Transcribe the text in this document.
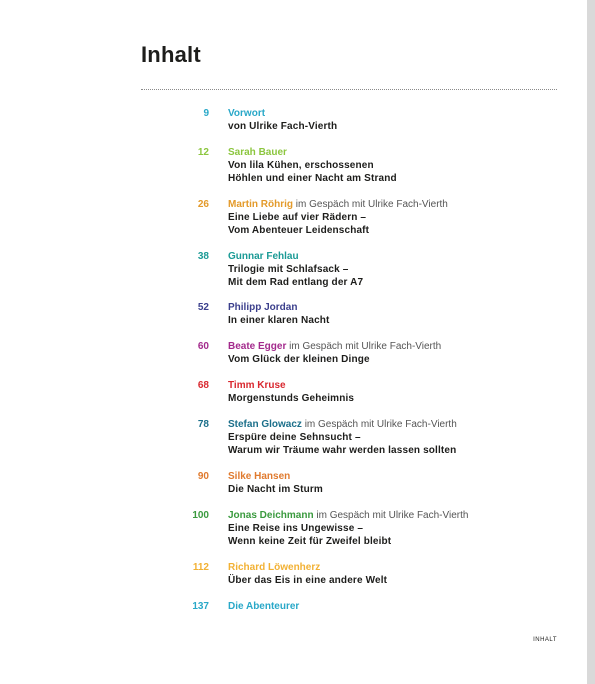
Inhalt
9 Vorwort
von Ulrike Fach-Vierth
12 Sarah Bauer
Von lila Kühen, erschossenen
Höhlen und einer Nacht am Strand
26 Martin Röhrig im Gespäch mit Ulrike Fach-Vierth
Eine Liebe auf vier Rädern –
Vom Abenteuer Leidenschaft
38 Gunnar Fehlau
Trilogie mit Schlafsack –
Mit dem Rad entlang der A7
52 Philipp Jordan
In einer klaren Nacht
60 Beate Egger im Gespäch mit Ulrike Fach-Vierth
Vom Glück der kleinen Dinge
68 Timm Kruse
Morgenstunds Geheimnis
78 Stefan Glowacz im Gespäch mit Ulrike Fach-Vierth
Erspüre deine Sehnsucht –
Warum wir Träume wahr werden lassen sollten
90 Silke Hansen
Die Nacht im Sturm
100 Jonas Deichmann im Gespäch mit Ulrike Fach-Vierth
Eine Reise ins Ungewisse –
Wenn keine Zeit für Zweifel bleibt
112 Richard Löwenherz
Über das Eis in eine andere Welt
137 Die Abenteurer
INHALT
